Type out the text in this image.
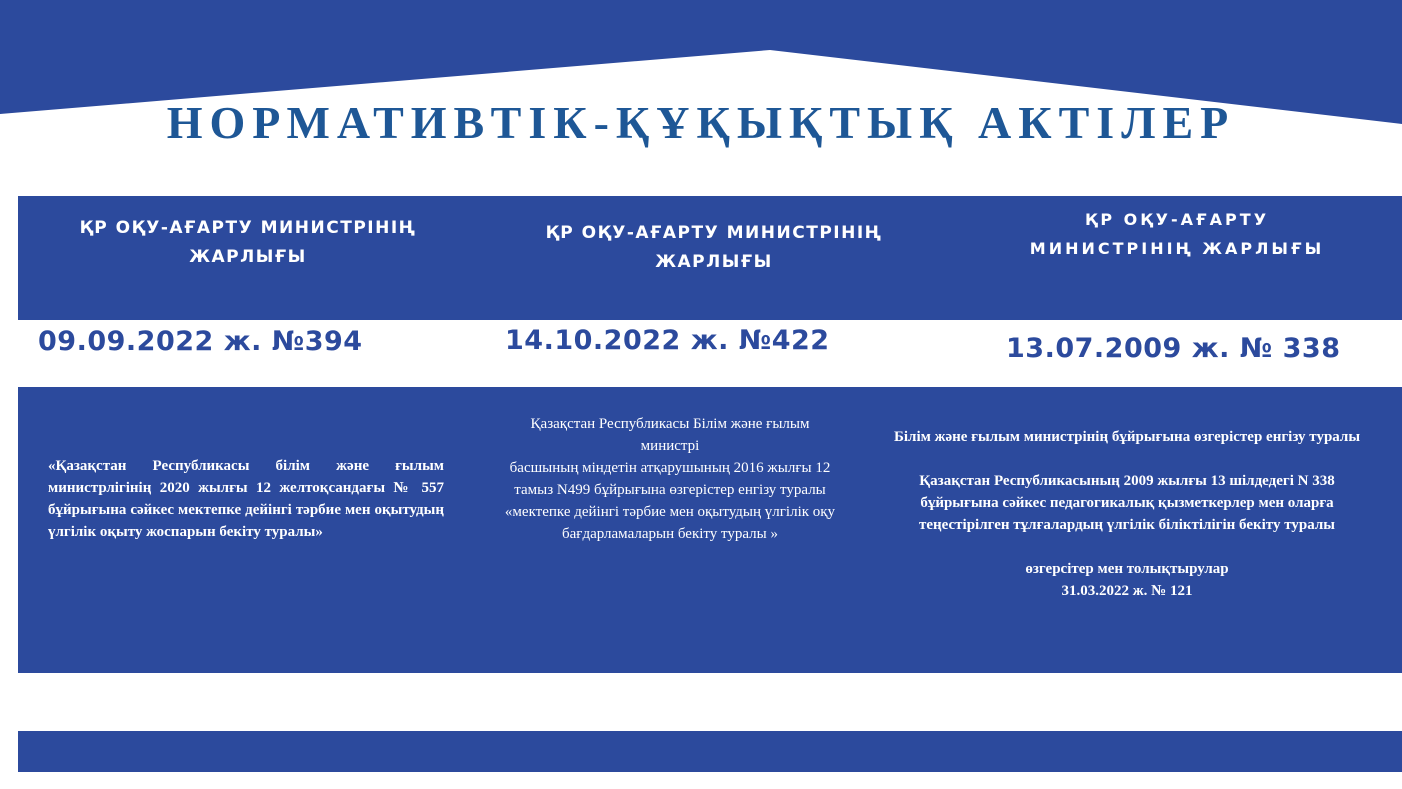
НОРМАТИВТІК-ҚҰҚЫҚТЫҚ АКТІЛЕР
ҚР ОҚУ-АҒАРТУ МИНИСТРІНІҢ ЖАРЛЫҒЫ
09.09.2022 ж. №394
«Қазақстан Республикасы білім және ғылым министрлігінің 2020 жылғы 12 желтоқсандағы № 557 бұйрығына сәйкес мектепке дейінгі тәрбие мен оқытудың үлгілік оқыту жоспарын бекіту туралы»
ҚР ОҚУ-АҒАРТУ МИНИСТРІНІҢ ЖАРЛЫҒЫ
14.10.2022 ж. №422

Қазақстан Республикасы Білім және ғылым министрі

басшының міндетін атқарушының 2016 жылғы 12 тамыз N499 бұйрығына өзгерістер енгізу туралы

«мектепке дейінгі тәрбие мен оқытудың үлгілік оқу бағдарламаларын бекіту туралы »

ҚР ОҚУ-АҒАРТУ МИНИСТРІНІҢ ЖАРЛЫҒЫ
13.07.2009 ж. № 338

Білім және ғылым министрінің бұйрығына өзгерістер енгізу туралы

Қазақстан Республикасының 2009 жылғы 13 шілдедегі N 338 бұйрығына сәйкес педагогикалық қызметкерлер мен оларға теңестірілген тұлғалардың үлгілік біліктілігін бекіту туралы

өзгерсітер мен толықтырулар

31.03.2022 ж. № 121
